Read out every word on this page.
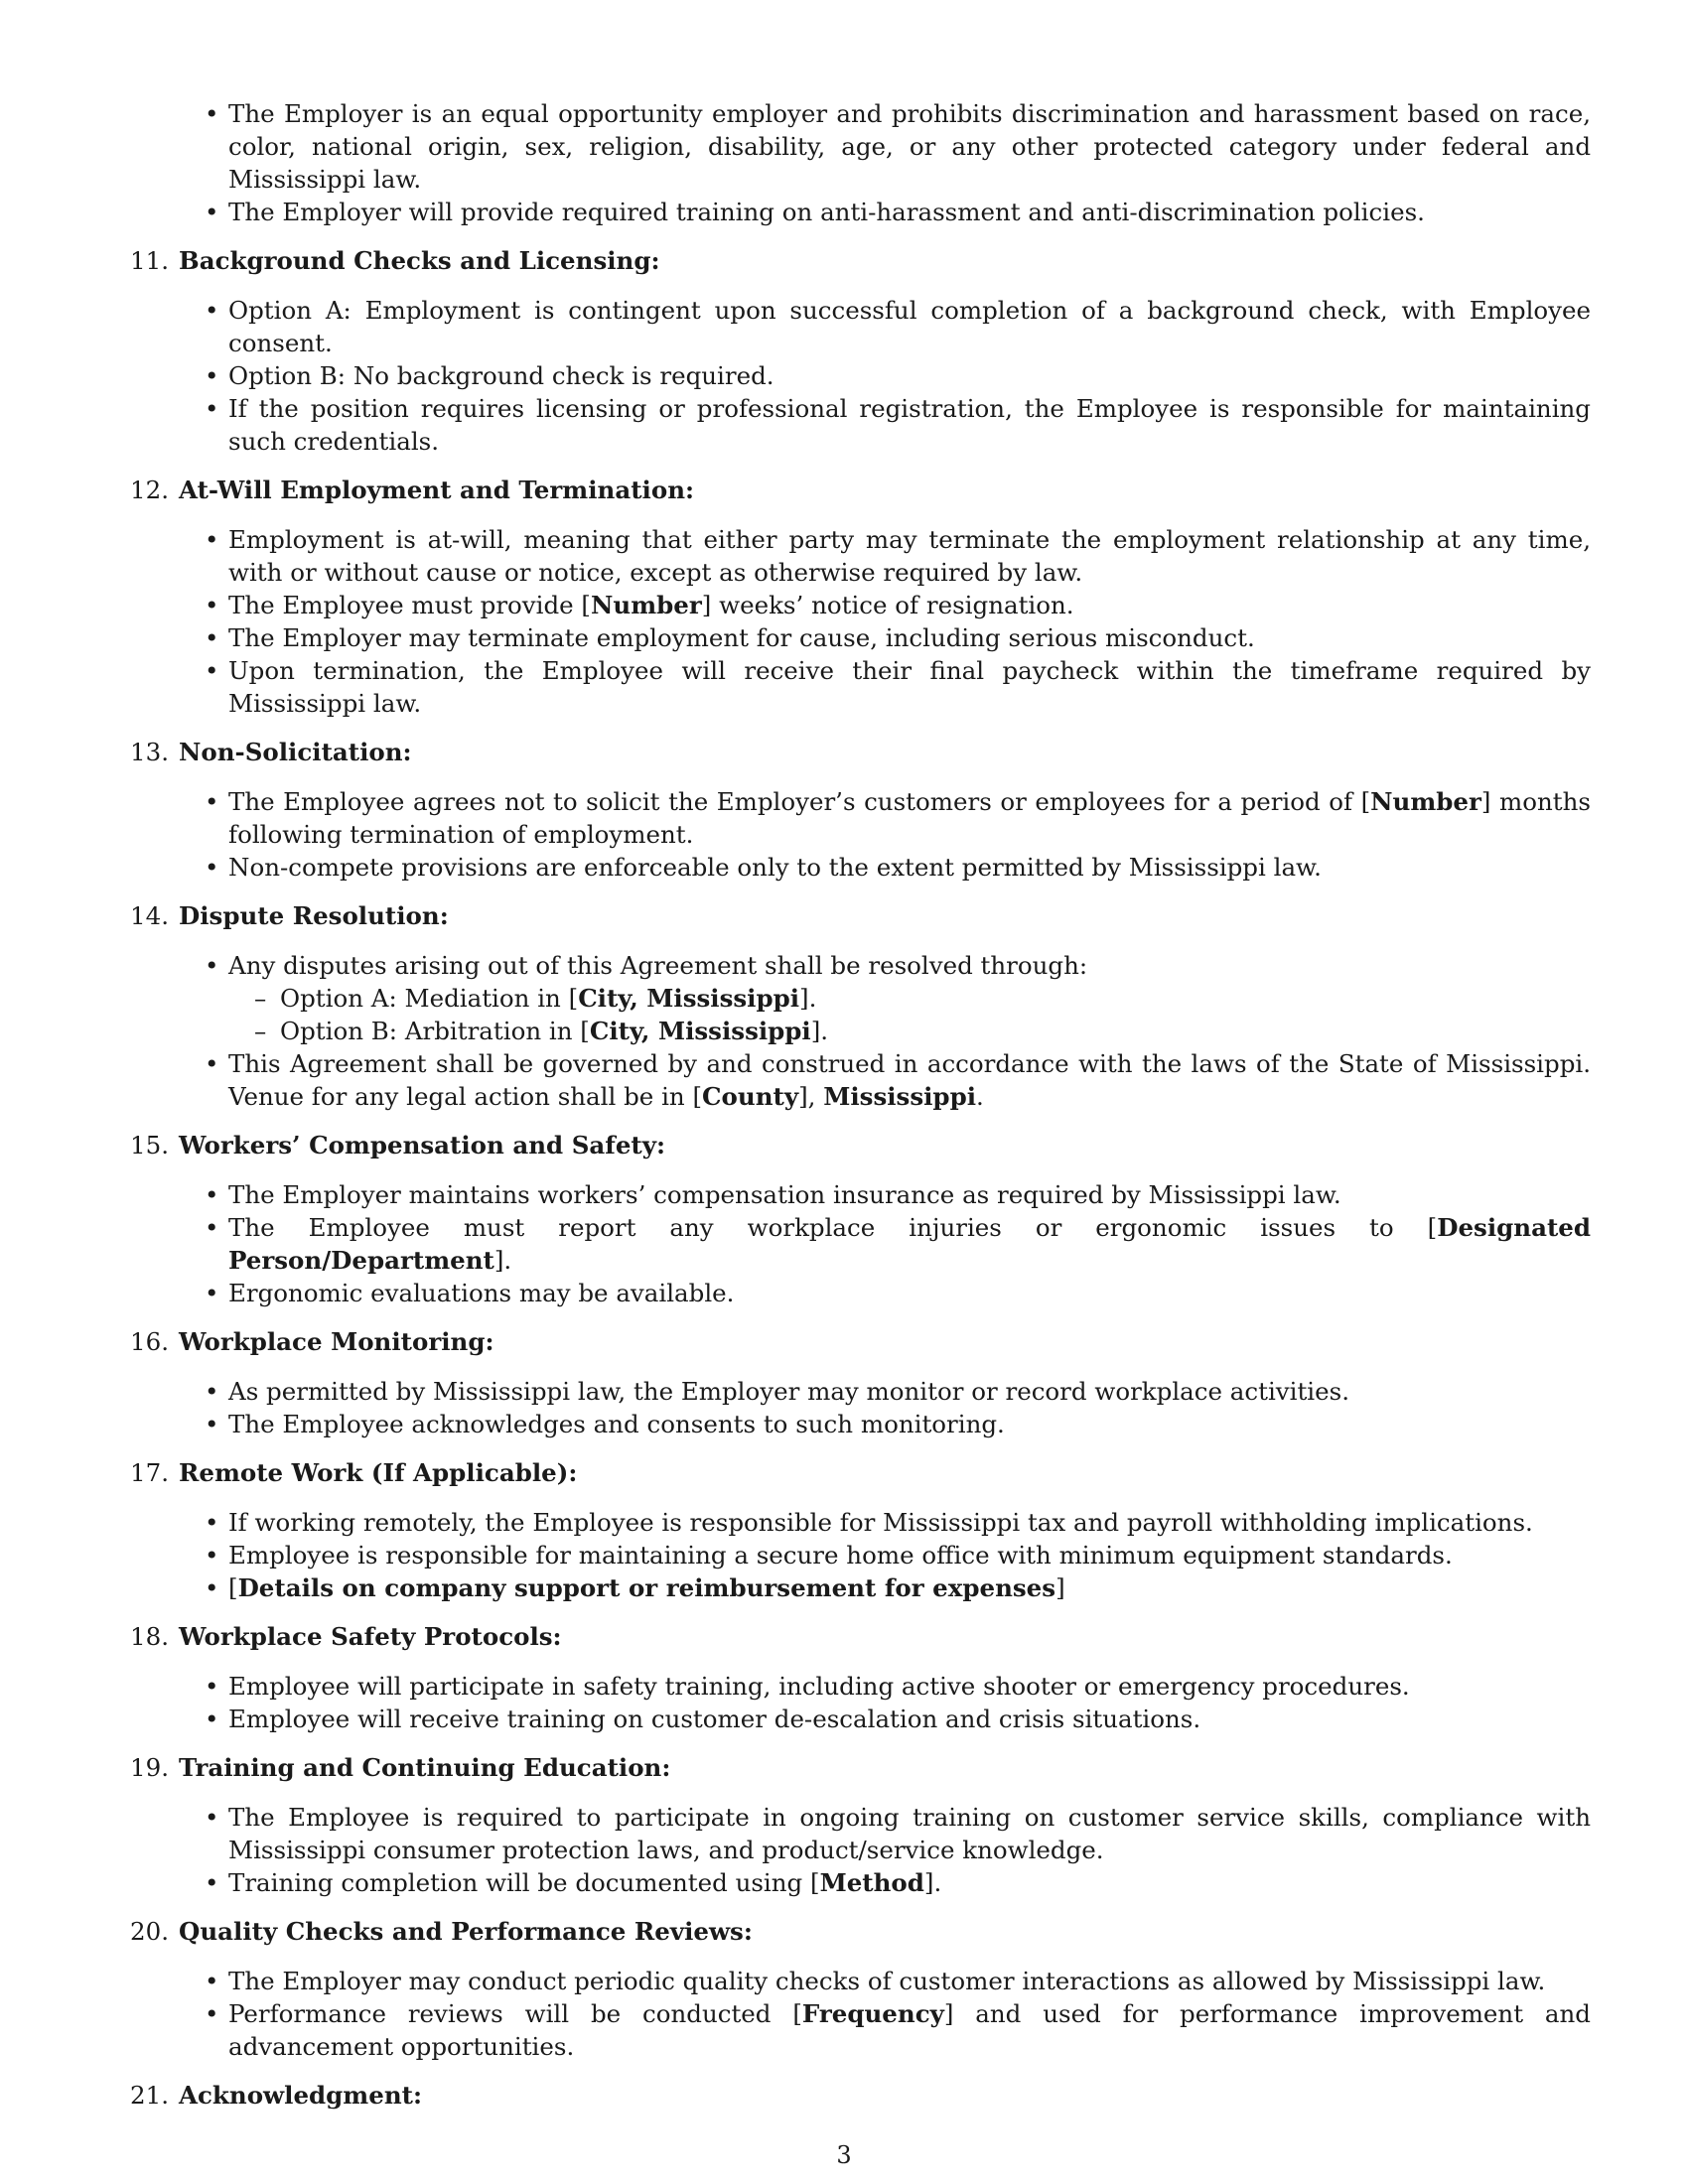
• The Employer is an equal opportunity employer and prohibits discrimination and harassment based on race, color, national origin, sex, religion, disability, age, or any other protected category under federal and Mississippi law.
• The Employer will provide required training on anti-harassment and anti-discrimination policies.
11. Background Checks and Licensing:
• Option A: Employment is contingent upon successful completion of a background check, with Employee consent.
• Option B: No background check is required.
• If the position requires licensing or professional registration, the Employee is responsible for maintaining such credentials.
12. At-Will Employment and Termination:
• Employment is at-will, meaning that either party may terminate the employment relationship at any time, with or without cause or notice, except as otherwise required by law.
• The Employee must provide [Number] weeks’ notice of resignation.
• The Employer may terminate employment for cause, including serious misconduct.
• Upon termination, the Employee will receive their final paycheck within the timeframe required by Mississippi law.
13. Non-Solicitation:
• The Employee agrees not to solicit the Employer’s customers or employees for a period of [Number] months following termination of employment.
• Non-compete provisions are enforceable only to the extent permitted by Mississippi law.
14. Dispute Resolution:
• Any disputes arising out of this Agreement shall be resolved through:
– Option A: Mediation in [City, Mississippi].
– Option B: Arbitration in [City, Mississippi].
• This Agreement shall be governed by and construed in accordance with the laws of the State of Mississippi. Venue for any legal action shall be in [County], Mississippi.
15. Workers’ Compensation and Safety:
• The Employer maintains workers’ compensation insurance as required by Mississippi law.
• The Employee must report any workplace injuries or ergonomic issues to [Designated Person/Department].
• Ergonomic evaluations may be available.
16. Workplace Monitoring:
• As permitted by Mississippi law, the Employer may monitor or record workplace activities.
• The Employee acknowledges and consents to such monitoring.
17. Remote Work (If Applicable):
• If working remotely, the Employee is responsible for Mississippi tax and payroll withholding implications.
• Employee is responsible for maintaining a secure home office with minimum equipment standards.
• [Details on company support or reimbursement for expenses]
18. Workplace Safety Protocols:
• Employee will participate in safety training, including active shooter or emergency procedures.
• Employee will receive training on customer de-escalation and crisis situations.
19. Training and Continuing Education:
• The Employee is required to participate in ongoing training on customer service skills, compliance with Mississippi consumer protection laws, and product/service knowledge.
• Training completion will be documented using [Method].
20. Quality Checks and Performance Reviews:
• The Employer may conduct periodic quality checks of customer interactions as allowed by Mississippi law.
• Performance reviews will be conducted [Frequency] and used for performance improvement and advancement opportunities.
21. Acknowledgment:
3
